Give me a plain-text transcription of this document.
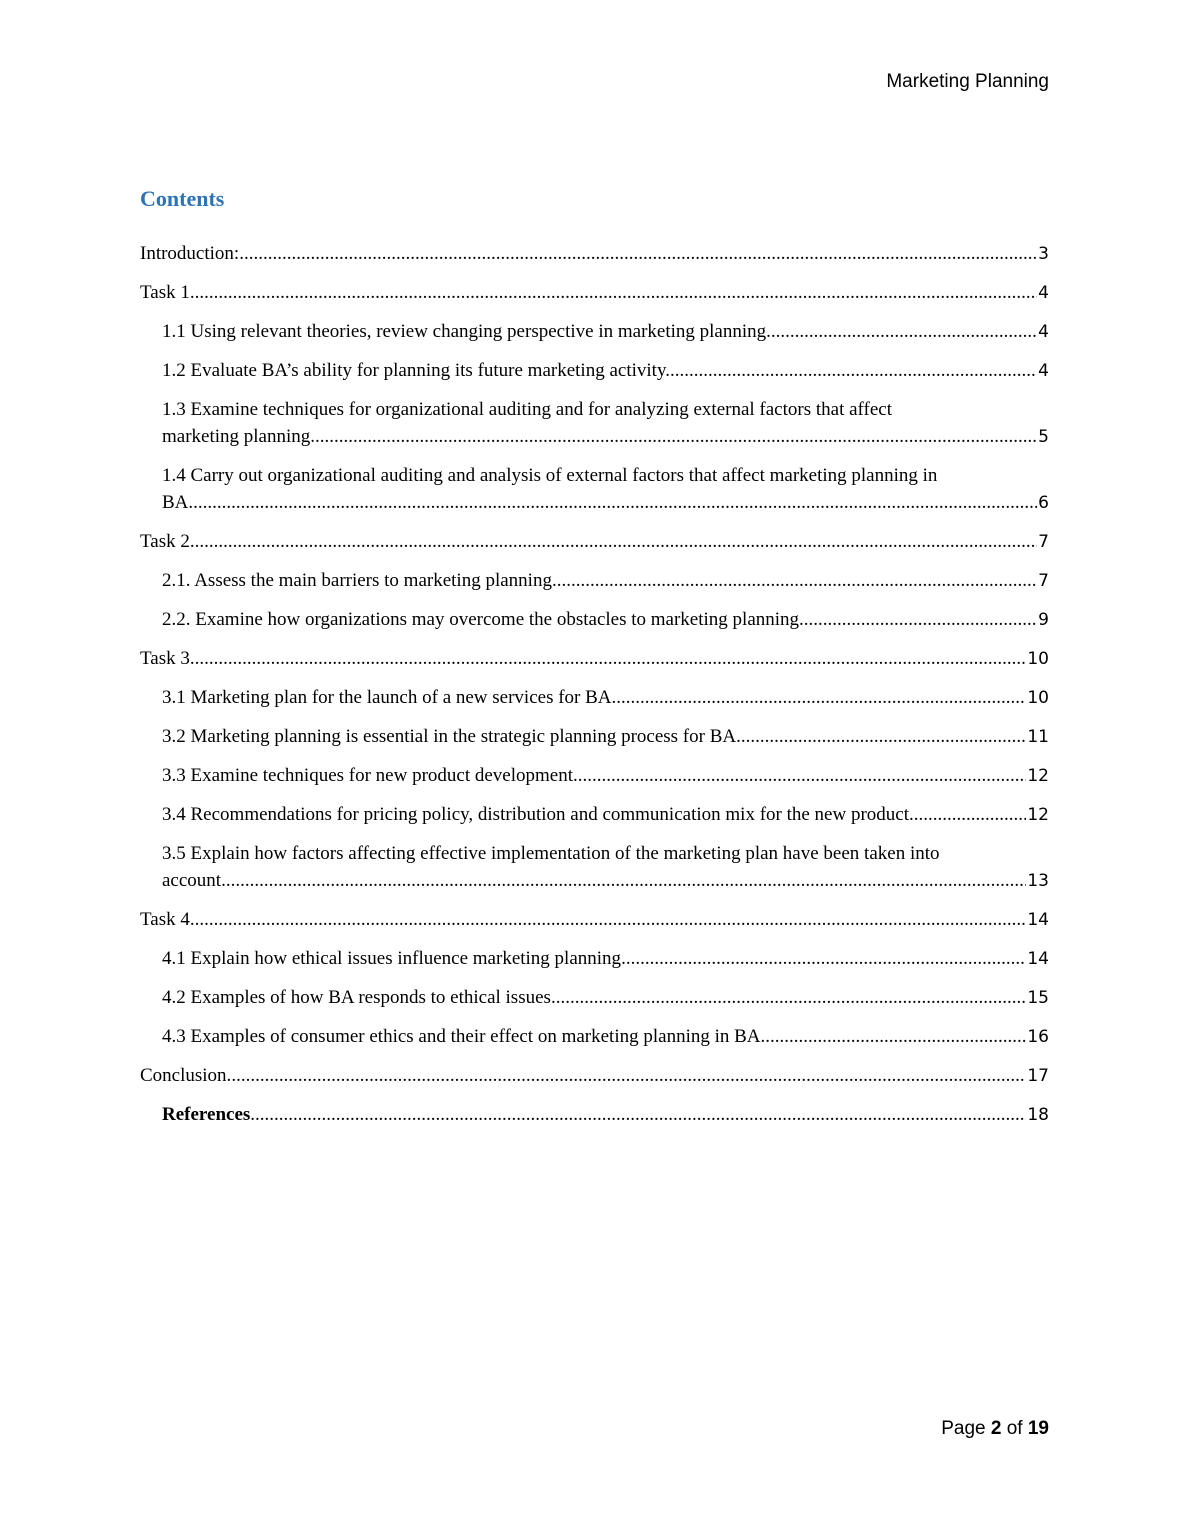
Marketing Planning
Contents
Introduction: .....	3
Task 1 .....	4
1.1 Using relevant theories, review changing perspective in marketing planning. .....	4
1.2 Evaluate BA’s ability for planning its future marketing activity. .....	4
1.3 Examine techniques for organizational auditing and for analyzing external factors that affect
marketing planning. .....	5
1.4 Carry out organizational auditing and analysis of external factors that affect marketing planning in
BA. .....	6
Task 2 .....	7
2.1. Assess the main barriers to marketing planning. .....	7
2.2. Examine how organizations may overcome the obstacles to marketing planning. .....	9
Task 3 .....	10
3.1 Marketing plan for the launch of a new services for BA .....	10
3.2 Marketing planning is essential in the strategic planning process for BA .....	11
3.3 Examine techniques for new product development .....	12
3.4 Recommendations for pricing policy, distribution and communication mix for the new product .....	12
3.5 Explain how factors affecting effective implementation of the marketing plan have been taken into
account. .....	13
Task 4 .....	14
4.1 Explain how ethical issues influence marketing planning .....	14
4.2 Examples of how BA responds to ethical issues .....	15
4.3 Examples of consumer ethics and their effect on marketing planning in BA .....	16
Conclusion. .....	17
References .....	18
Page 2 of 19
